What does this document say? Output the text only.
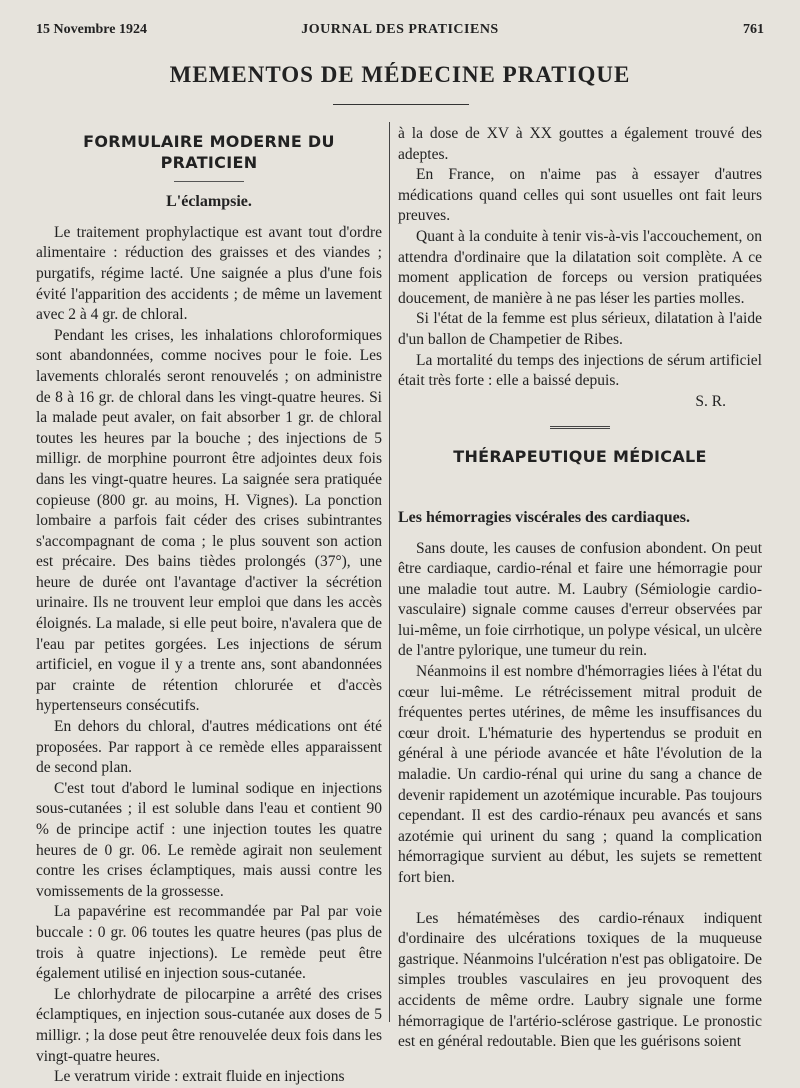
15 Novembre 1924	JOURNAL DES PRATICIENS	761
MEMENTOS DE MÉDECINE PRATIQUE
FORMULAIRE MODERNE DU PRATICIEN
L'éclampsie.

Le traitement prophylactique est avant tout d'ordre alimentaire : réduction des graisses et des viandes ; purgatifs, régime lacté. Une saignée a plus d'une fois évité l'apparition des accidents ; de même un lavement avec 2 à 4 gr. de chloral.

Pendant les crises, les inhalations chloroformiques sont abandonnées, comme nocives pour le foie. Les lavements chloralés seront renouvelés ; on administre de 8 à 16 gr. de chloral dans les vingt-quatre heures. Si la malade peut avaler, on fait absorber 1 gr. de chloral toutes les heures par la bouche ; des injections de 5 milligr. de morphine pourront être adjointes deux fois dans les vingt-quatre heures. La saignée sera pratiquée copieuse (800 gr. au moins, H. Vignes). La ponction lombaire a parfois fait céder des crises subintrantes s'accompagnant de coma ; le plus souvent son action est précaire. Des bains tièdes prolongés (37°), une heure de durée ont l'avantage d'activer la sécrétion urinaire. Ils ne trouvent leur emploi que dans les accès éloignés. La malade, si elle peut boire, n'avalera que de l'eau par petites gorgées. Les injections de sérum artificiel, en vogue il y a trente ans, sont abandonnées par crainte de rétention chlorurée et d'accès hypertenseurs consécutifs.

En dehors du chloral, d'autres médications ont été proposées. Par rapport à ce remède elles apparaissent de second plan.

C'est tout d'abord le luminal sodique en injections sous-cutanées ; il est soluble dans l'eau et contient 90 % de principe actif : une injection toutes les quatre heures de 0 gr. 06. Le remède agirait non seulement contre les crises éclamptiques, mais aussi contre les vomissements de la grossesse.

La papavérine est recommandée par Pal par voie buccale : 0 gr. 06 toutes les quatre heures (pas plus de trois à quatre injections). Le remède peut être également utilisé en injection sous-cutanée.

Le chlorhydrate de pilocarpine a arrêté des crises éclamptiques, en injection sous-cutanée aux doses de 5 milligr. ; la dose peut être renouvelée deux fois dans les vingt-quatre heures.

Le veratrum viride : extrait fluide en injections

à la dose de XV à XX gouttes a également trouvé des adeptes.

En France, on n'aime pas à essayer d'autres médications quand celles qui sont usuelles ont fait leurs preuves.

Quant à la conduite à tenir vis-à-vis l'accouchement, on attendra d'ordinaire que la dilatation soit complète. A ce moment application de forceps ou version pratiquées doucement, de manière à ne pas léser les parties molles.

Si l'état de la femme est plus sérieux, dilatation à l'aide d'un ballon de Champetier de Ribes.

La mortalité du temps des injections de sérum artificiel était très forte : elle a baissé depuis.

S. R.

THÉRAPEUTIQUE MÉDICALE
Les hémorragies viscérales des cardiaques.

Sans doute, les causes de confusion abondent. On peut être cardiaque, cardio-rénal et faire une hémorragie pour une maladie tout autre. M. Laubry (Sémiologie cardio-vasculaire) signale comme causes d'erreur observées par lui-même, un foie cirrhotique, un polype vésical, un ulcère de l'antre pylorique, une tumeur du rein.

Néanmoins il est nombre d'hémorragies liées à l'état du cœur lui-même. Le rétrécissement mitral produit de fréquentes pertes utérines, de même les insuffisances du cœur droit. L'hématurie des hypertendus se produit en général à une période avancée et hâte l'évolution de la maladie. Un cardio-rénal qui urine du sang a chance de devenir rapidement un azotémique incurable. Pas toujours cependant. Il est des cardio-rénaux peu avancés et sans azotémie qui urinent du sang ; quand la complication hémorragique survient au début, les sujets se remettent fort bien.

Les hématémèses des cardio-rénaux indiquent d'ordinaire des ulcérations toxiques de la muqueuse gastrique. Néanmoins l'ulcération n'est pas obligatoire. De simples troubles vasculaires en jeu provoquent des accidents de même ordre. Laubry signale une forme hémorragique de l'artério-sclérose gastrique. Le pronostic est en général redoutable. Bien que les guérisons soient
